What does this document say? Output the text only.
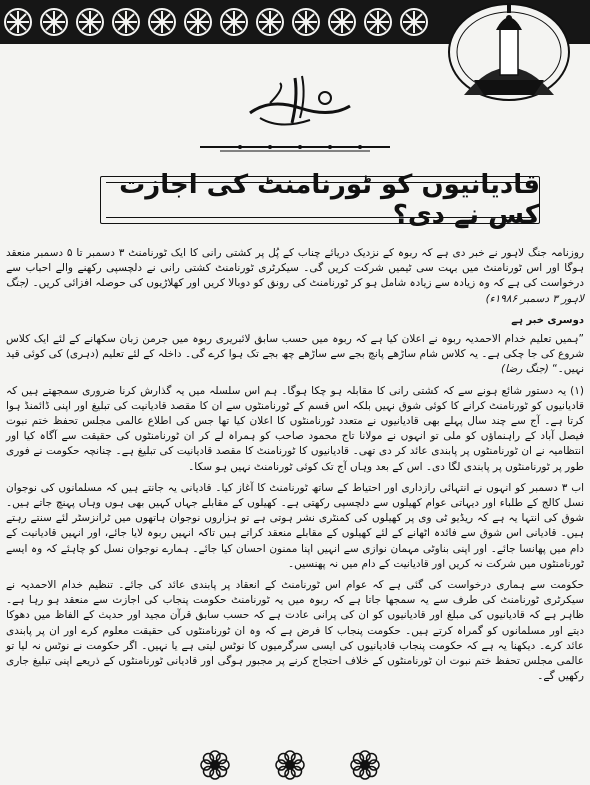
قادیانیوں کو ٹورنامنٹ کی اجازت کس نے دی؟

روزنامہ جنگ لاہور نے خبر دی ہے کہ ربوہ کے نزدیک دریائے چناب کے پُل پر کشتی رانی کا ایک ٹورنامنٹ ۳ دسمبر تا ۵ دسمبر منعقد ہوگا اور اس ٹورنامنٹ میں بہت سی ٹیمیں شرکت کریں گی۔ سیکرٹری ٹورنامنٹ کشتی رانی نے دلچسپی رکھنے والے احباب سے درخواست کی ہے کہ وہ زیادہ سے زیادہ شامل ہو کر ٹورنامنٹ کی رونق کو دوبالا کریں اور کھلاڑیوں کی حوصلہ افزائی کریں۔ (جنگ لاہور ۳ دسمبر ۱۹۸۶ء)

دوسری خبر ہے

”ہمیں تعلیم خدام الاحمدیہ ربوہ نے اعلان کیا ہے کہ ربوہ میں حسب سابق لائبریری ربوہ میں جرمن زبان سکھانے کے لئے ایک کلاس شروع کی جا چکی ہے۔ یہ کلاس شام ساڑھے پانچ بجے سے ساڑھے چھ بجے تک ہوا کرے گی۔ داخلہ کے لئے تعلیم (دہری) کی کوئی قید نہیں۔“ (جنگ رضا)

(۱) یہ دستور شائع ہونے سے کہ کشتی رانی کا مقابلہ ہو چکا ہوگا۔ ہم اس سلسلہ میں یہ گذارش کرنا ضروری سمجھتے ہیں کہ قادیانیوں کو ٹورنامنٹ کرانے کا کوئی شوق نہیں بلکہ اس قسم کے ٹورنامنٹوں سے ان کا مقصد قادیانیت کی تبلیغ اور اپنی ڈائمنڈ ہوا کرتا ہے۔ آج سے چند سال پہلے بھی قادیانیوں نے متعدد ٹورنامنٹوں کا اعلان کیا تھا جس کی اطلاع عالمی مجلس تحفظ ختم نبوت فیصل آباد کے راہنماؤں کو ملی تو انہوں نے مولانا تاج محمود صاحب کو ہمراہ لے کر ان ٹورنامنٹوں کی حقیقت سے آگاہ کیا اور انتظامیہ نے ان ٹورنامنٹوں پر پابندی عائد کر دی تھی۔ قادیانیوں کا ٹورنامنٹ کا مقصد قادیانیت کی تبلیغ ہے۔ چنانچہ حکومت نے فوری طور پر ٹورنامنٹوں پر پابندی لگا دی۔ اس کے بعد وہاں آج تک کوئی ٹورنامنٹ نہیں ہو سکا۔

اب ۳ دسمبر کو انہوں نے انتہائی رازداری اور احتیاط کے ساتھ ٹورنامنٹ کا آغاز کیا۔ قادیانی یہ جانتے ہیں کہ مسلمانوں کی نوجوان نسل کالج کے طلباء اور دیہاتی عوام کھیلوں سے دلچسپی رکھتی ہے۔ کھیلوں کے مقابلے جہاں کہیں بھی ہوں وہاں پہنچ جاتے ہیں۔ شوق کی انتہا یہ ہے کہ ریڈیو ٹی وی پر کھیلوں کی کمنٹری نشر ہوتی ہے تو ہزاروں نوجوان ہاتھوں میں ٹرانزسٹر لئے سنتے رہتے ہیں۔ قادیانی اس شوق سے فائدہ اٹھانے کے لئے کھیلوں کے مقابلے منعقد کراتے ہیں تاکہ انہیں ربوہ لایا جائے، اور انہیں قادیانیت کے دام میں پھانسا جائے۔ اور اپنی بناوٹی مہمان نوازی سے انہیں اپنا ممنون احسان کیا جائے۔ ہمارے نوجوان نسل کو چاہئے کہ وہ ایسے ٹورنامنٹوں میں شرکت نہ کریں اور قادیانیت کے دام میں نہ پھنسیں۔

حکومت سے ہماری درخواست کی گئی ہے کہ عوام اس ٹورنامنٹ کے انعقاد پر پابندی عائد کی جائے۔ تنظیم خدام الاحمدیہ نے سیکرٹری ٹورنامنٹ کی طرف سے یہ سمجھا جاتا ہے کہ ربوہ میں یہ ٹورنامنٹ حکومت پنجاب کی اجازت سے منعقد ہو رہا ہے۔ ظاہر ہے کہ قادیانیوں کی مبلغ اور قادیانیوں کو ان کی پرانی عادت ہے کہ حسب سابق قرآن مجید اور حدیث کے الفاظ میں دھوکا دیتے اور مسلمانوں کو گمراہ کرتے ہیں۔ حکومت پنجاب کا فرض ہے کہ وہ ان ٹورنامنٹوں کی حقیقت معلوم کرے اور ان پر پابندی عائد کرے۔ دیکھنا یہ ہے کہ حکومت پنجاب قادیانیوں کی ایسی سرگرمیوں کا نوٹس لیتی ہے یا نہیں۔ اگر حکومت نے نوٹس نہ لیا تو عالمی مجلس تحفظ ختم نبوت ان ٹورنامنٹوں کے خلاف احتجاج کرنے پر مجبور ہوگی اور قادیانی ٹورنامنٹوں کے ذریعے اپنی تبلیغ جاری رکھیں گے۔
